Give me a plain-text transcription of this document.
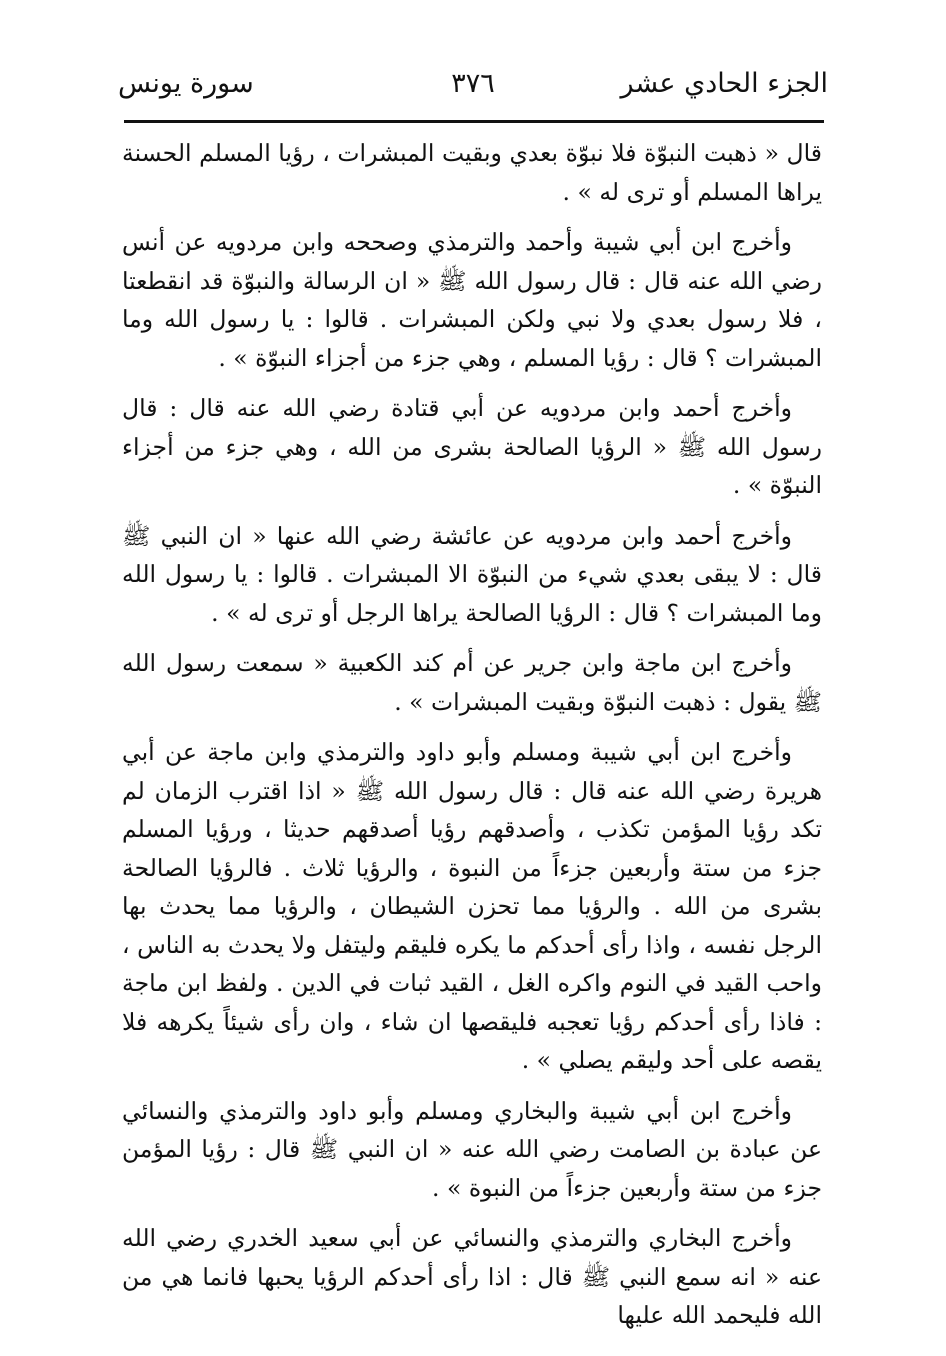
الجزء الحادي عشر
٣٧٦
سورة يونس

قال « ذهبت النبوّة فلا نبوّة بعدي وبقيت المبشرات ، رؤيا المسلم الحسنة يراها المسلم أو ترى له » .

وأخرج ابن أبي شيبة وأحمد والترمذي وصححه وابن مردويه عن أنس رضي الله عنه قال : قال رسول الله ﷺ « ان الرسالة والنبوّة قد انقطعتا ، فلا رسول بعدي ولا نبي ولكن المبشرات . قالوا : يا رسول الله وما المبشرات ؟ قال : رؤيا المسلم ، وهي جزء من أجزاء النبوّة » .

وأخرج أحمد وابن مردويه عن أبي قتادة رضي الله عنه قال : قال رسول الله ﷺ « الرؤيا الصالحة بشرى من الله ، وهي جزء من أجزاء النبوّة » .

وأخرج أحمد وابن مردويه عن عائشة رضي الله عنها « ان النبي ﷺ قال : لا يبقى بعدي شيء من النبوّة الا المبشرات . قالوا : يا رسول الله وما المبشرات ؟ قال : الرؤيا الصالحة يراها الرجل أو ترى له » .

وأخرج ابن ماجة وابن جرير عن أم كند الكعبية « سمعت رسول الله ﷺ يقول : ذهبت النبوّة وبقيت المبشرات » .

وأخرج ابن أبي شيبة ومسلم وأبو داود والترمذي وابن ماجة عن أبي هريرة رضي الله عنه قال : قال رسول الله ﷺ « اذا اقترب الزمان لم تكد رؤيا المؤمن تكذب ، وأصدقهم رؤيا أصدقهم حديثا ، ورؤيا المسلم جزء من ستة وأربعين جزءاً من النبوة ، والرؤيا ثلاث . فالرؤيا الصالحة بشرى من الله . والرؤيا مما تحزن الشيطان ، والرؤيا مما يحدث بها الرجل نفسه ، واذا رأى أحدكم ما يكره فليقم وليتفل ولا يحدث به الناس ، واحب القيد في النوم واكره الغل ، القيد ثبات في الدين . ولفظ ابن ماجة : فاذا رأى أحدكم رؤيا تعجبه فليقصها ان شاء ، وان رأى شيئاً يكرهه فلا يقصه على أحد وليقم يصلي » .

وأخرج ابن أبي شيبة والبخاري ومسلم وأبو داود والترمذي والنسائي عن عبادة بن الصامت رضي الله عنه « ان النبي ﷺ قال : رؤيا المؤمن جزء من ستة وأربعين جزءاً من النبوة » .

وأخرج البخاري والترمذي والنسائي عن أبي سعيد الخدري رضي الله عنه « انه سمع النبي ﷺ قال : اذا رأى أحدكم الرؤيا يحبها فانما هي من الله فليحمد الله عليها
